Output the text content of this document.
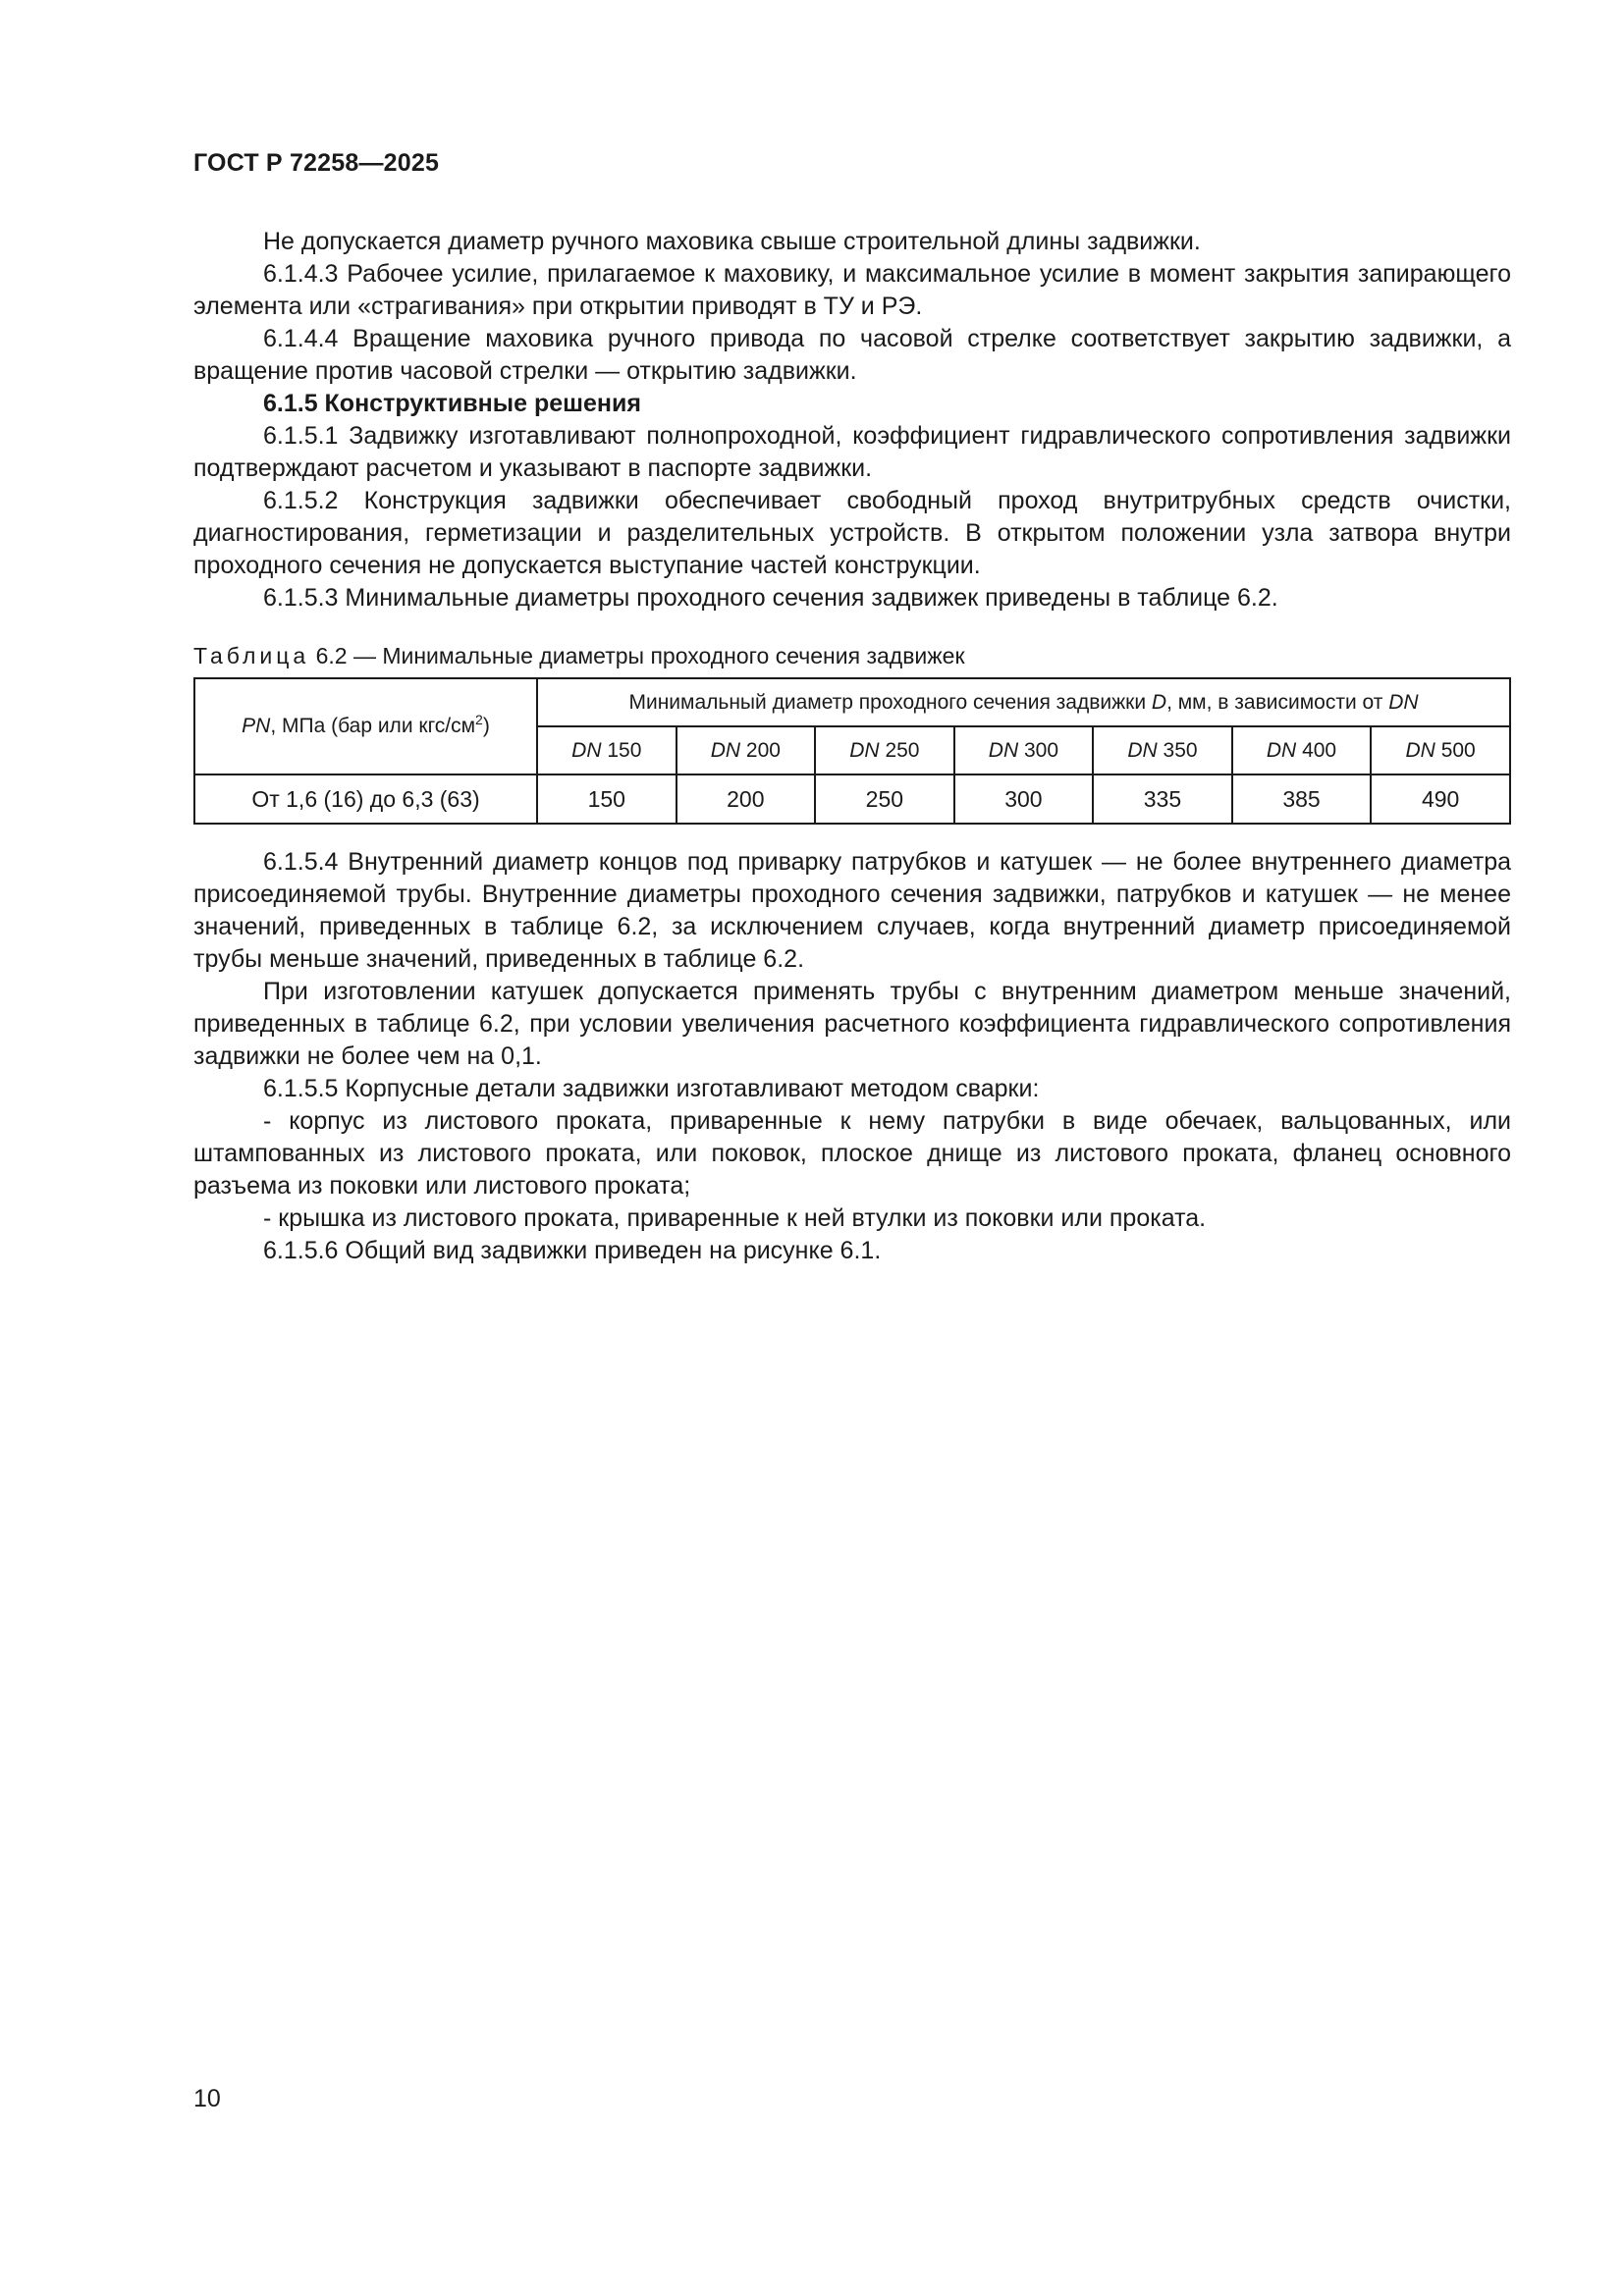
ГОСТ Р 72258—2025

Не допускается диаметр ручного маховика свыше строительной длины задвижки.

6.1.4.3 Рабочее усилие, прилагаемое к маховику, и максимальное усилие в момент закрытия запирающего элемента или «страгивания» при открытии приводят в ТУ и РЭ.

6.1.4.4 Вращение маховика ручного привода по часовой стрелке соответствует закрытию задвижки, а вращение против часовой стрелки — открытию задвижки.

6.1.5 Конструктивные решения

6.1.5.1 Задвижку изготавливают полнопроходной, коэффициент гидравлического сопротивления задвижки подтверждают расчетом и указывают в паспорте задвижки.

6.1.5.2 Конструкция задвижки обеспечивает свободный проход внутритрубных средств очистки, диагностирования, герметизации и разделительных устройств. В открытом положении узла затвора внутри проходного сечения не допускается выступание частей конструкции.

6.1.5.3 Минимальные диаметры проходного сечения задвижек приведены в таблице 6.2.

Таблица 6.2 — Минимальные диаметры проходного сечения задвижек

PN, МПа (бар или кгс/$см^2$)	Минимальный диаметр проходного сечения задвижки D, мм, в зависимости от DN						
	DN 150	DN 200	DN 250	DN 300	DN 350	DN 400	DN 500
От 1,6 (16) до 6,3 (63)	150	200	250	300	335	385	490

6.1.5.4 Внутренний диаметр концов под приварку патрубков и катушек — не более внутреннего диаметра присоединяемой трубы. Внутренние диаметры проходного сечения задвижки, патрубков и катушек — не менее значений, приведенных в таблице 6.2, за исключением случаев, когда внутренний диаметр присоединяемой трубы меньше значений, приведенных в таблице 6.2.

При изготовлении катушек допускается применять трубы с внутренним диаметром меньше значений, приведенных в таблице 6.2, при условии увеличения расчетного коэффициента гидравлического сопротивления задвижки не более чем на 0,1.

6.1.5.5 Корпусные детали задвижки изготавливают методом сварки:

- корпус из листового проката, приваренные к нему патрубки в виде обечаек, вальцованных, или штампованных из листового проката, или поковок, плоское днище из листового проката, фланец основного разъема из поковки или листового проката;

- крышка из листового проката, приваренные к ней втулки из поковки или проката.

6.1.5.6 Общий вид задвижки приведен на рисунке 6.1.

10
